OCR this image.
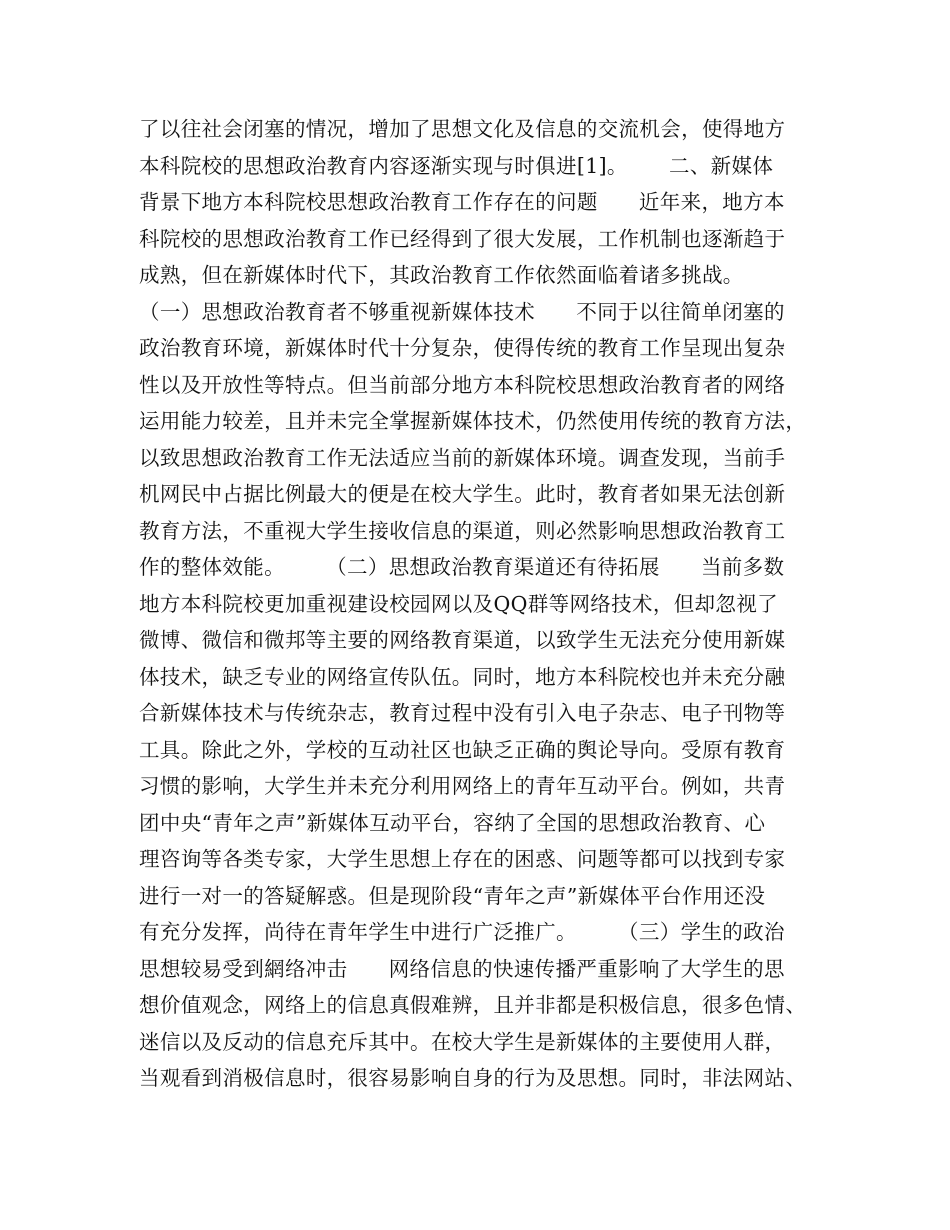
了以往社会闭塞的情况，增加了思想文化及信息的交流机会，使得地方
本科院校的思想政治教育内容逐渐实现与时俱进[1]。      二、新媒体
背景下地方本科院校思想政治教育工作存在的问题      近年来，地方本
科院校的思想政治教育工作已经得到了很大发展，工作机制也逐渐趋于
成熟，但在新媒体时代下，其政治教育工作依然面临着诸多挑战。
（一）思想政治教育者不够重视新媒体技术      不同于以往简单闭塞的
政治教育环境，新媒体时代十分复杂，使得传统的教育工作呈现出复杂
性以及开放性等特点。但当前部分地方本科院校思想政治教育者的网络
运用能力较差，且并未完全掌握新媒体技术，仍然使用传统的教育方法，
以致思想政治教育工作无法适应当前的新媒体环境。调查发现，当前手
机网民中占据比例最大的便是在校大学生。此时，教育者如果无法创新
教育方法，不重视大学生接收信息的渠道，则必然影响思想政治教育工
作的整体效能。      （二）思想政治教育渠道还有待拓展      当前多数
地方本科院校更加重视建设校园网以及QQ群等网络技术，但却忽视了
微博、微信和微邦等主要的网络教育渠道，以致学生无法充分使用新媒
体技术，缺乏专业的网络宣传队伍。同时，地方本科院校也并未充分融
合新媒体技术与传统杂志，教育过程中没有引入电子杂志、电子刊物等
工具。除此之外，学校的互动社区也缺乏正确的舆论导向。受原有教育
习惯的影响，大学生并未充分利用网络上的青年互动平台。例如，共青
团中央“青年之声”新媒体互动平台，容纳了全国的思想政治教育、心
理咨询等各类专家，大学生思想上存在的困惑、问题等都可以找到专家
进行一对一的答疑解惑。但是现阶段“青年之声”新媒体平台作用还没
有充分发挥，尚待在青年学生中进行广泛推广。      （三）学生的政治
思想较易受到網络冲击      网络信息的快速传播严重影响了大学生的思
想价值观念，网络上的信息真假难辨，且并非都是积极信息，很多色情、
迷信以及反动的信息充斥其中。在校大学生是新媒体的主要使用人群，
当观看到消极信息时，很容易影响自身的行为及思想。同时，非法网站、
